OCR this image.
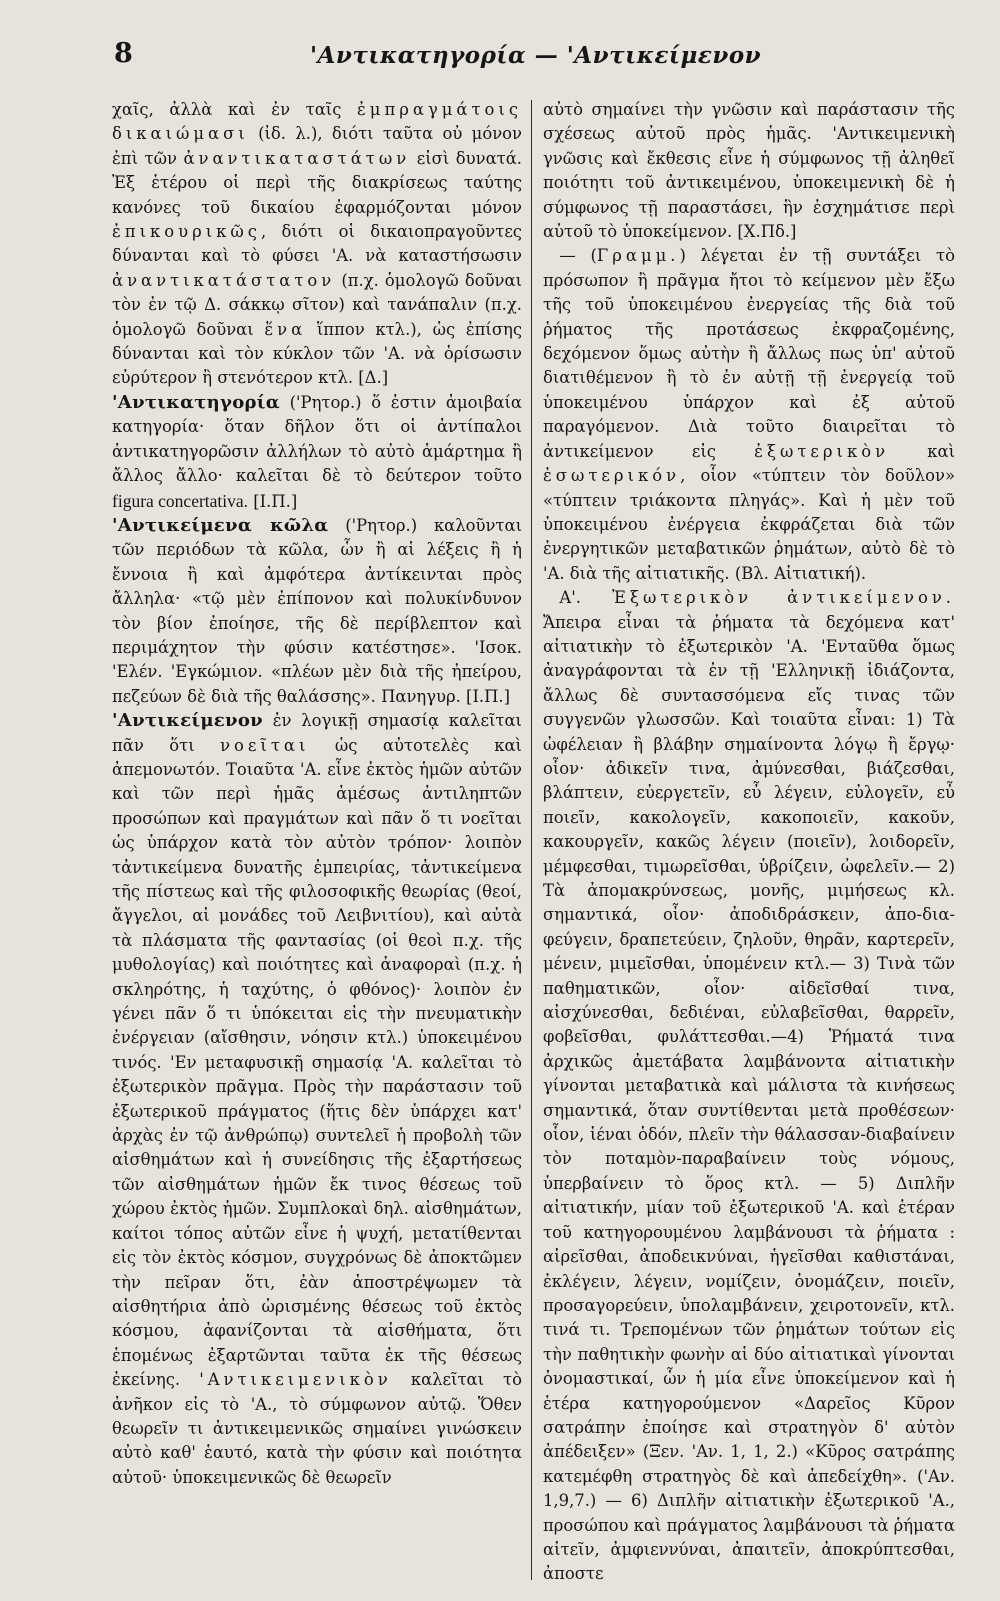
8	'Αντικατηγορία — 'Αντικείμενον

χαῖς, ἀλλὰ καὶ ἐν ταῖς ἐμπραγμάτοις δικαιώμασι (ἰδ. λ.), διότι ταῦτα οὐ μόνον ἐπὶ τῶν ἀναντικαταστάτων εἰσὶ δυνατά. Ἐξ ἑτέρου οἱ περὶ τῆς διακρίσεως ταύτης κανόνες τοῦ δικαίου ἐφαρμόζονται μόνον ἐπικουρικῶς, διότι οἱ δικαιοπραγοῦντες δύνανται καὶ τὸ φύσει 'Α. νὰ καταστήσωσιν ἀναντικατάστατον (π.χ. ὁμολογῶ δοῦναι τὸν ἐν τῷ Δ. σάκκῳ σῖτον) καὶ τανάπαλιν (π.χ. ὁμολογῶ δοῦναι ἕνα ἵππον κτλ.), ὡς ἐπίσης δύνανται καὶ τὸν κύκλον τῶν 'Α. νὰ ὁρίσωσιν εὐρύτερον ἢ στενότερον κτλ. [Δ.]

'Αντικατηγορία ('Ρητορ.) ὅ ἐστιν ἀμοιβαία κατηγορία· ὅταν δῆλον ὅτι οἱ ἀντίπαλοι ἀντικατηγορῶσιν ἀλλήλων τὸ αὐτὸ ἁμάρτημα ἢ ἄλλος ἄλλο· καλεῖται δὲ τὸ δεύτερον τοῦτο figura concertativa. [Ι.Π.]

'Αντικείμενα κῶλα ('Ρητορ.) καλοῦνται τῶν περιόδων τὰ κῶλα, ὧν ἢ αἱ λέξεις ἢ ἡ ἔννοια ἢ καὶ ἀμφότερα ἀντίκεινται πρὸς ἄλληλα· «τῷ μὲν ἐπίπονον καὶ πολυκίνδυνον τὸν βίον ἐποίησε, τῆς δὲ περίβλεπτον καὶ περιμάχητον τὴν φύσιν κατέστησε». 'Ισοκ. 'Ελέν. 'Εγκώμιον. «πλέων μὲν διὰ τῆς ἠπείρου, πεζεύων δὲ διὰ τῆς θαλάσσης». Πανηγυρ. [Ι.Π.]

'Αντικείμενον ἐν λογικῇ σημασίᾳ καλεῖται πᾶν ὅτι νοεῖται ὡς αὐτοτελὲς καὶ ἀπεμονωτόν. Τοιαῦτα 'Α. εἶνε ἐκτὸς ἡμῶν αὐτῶν καὶ τῶν περὶ ἡμᾶς ἀμέσως ἀντιληπτῶν προσώπων καὶ πραγμάτων καὶ πᾶν ὅ τι νοεῖται ὡς ὑπάρχον κατὰ τὸν αὐτὸν τρόπον· λοιπὸν τἀντικείμενα δυνατῆς ἐμπειρίας, τἀντικείμενα τῆς πίστεως καὶ τῆς φιλοσοφικῆς θεωρίας (θεοί, ἄγγελοι, αἱ μονάδες τοῦ Λειβνιτίου), καὶ αὐτὰ τὰ πλάσματα τῆς φαντασίας (οἱ θεοὶ π.χ. τῆς μυθολογίας) καὶ ποιότητες καὶ ἀναφοραὶ (π.χ. ἡ σκληρότης, ἡ ταχύτης, ὁ φθόνος)· λοιπὸν ἐν γένει πᾶν ὅ τι ὑπόκειται εἰς τὴν πνευματικὴν ἐνέργειαν (αἴσθησιν, νόησιν κτλ.) ὑποκειμένου τινός. 'Εν μεταφυσικῇ σημασίᾳ 'Α. καλεῖται τὸ ἐξωτερικὸν πρᾶγμα. Πρὸς τὴν παράστασιν τοῦ ἐξωτερικοῦ πράγματος (ἥτις δὲν ὑπάρχει κατ' ἀρχὰς ἐν τῷ ἀνθρώπῳ) συντελεῖ ἡ προβολὴ τῶν αἰσθημάτων καὶ ἡ συνείδησις τῆς ἐξαρτήσεως τῶν αἰσθημάτων ἡμῶν ἔκ τινος θέσεως τοῦ χώρου ἐκτὸς ἡμῶν. Συμπλοκαὶ δηλ. αἰσθημάτων, καίτοι τόπος αὐτῶν εἶνε ἡ ψυχή, μετατίθενται εἰς τὸν ἐκτὸς κόσμον, συγχρόνως δὲ ἀποκτῶμεν τὴν πεῖραν ὅτι, ἐὰν ἀποστρέψωμεν τὰ αἰσθητήρια ἀπὸ ὡρισμένης θέσεως τοῦ ἐκτὸς κόσμου, ἀφανίζονται τὰ αἰσθήματα, ὅτι ἑπομένως ἐξαρτῶνται ταῦτα ἐκ τῆς θέσεως ἐκείνης. 'Αντικειμενικὸν καλεῖται τὸ ἀνῆκον εἰς τὸ 'Α., τὸ σύμφωνον αὐτῷ. Ὅθεν θεωρεῖν τι ἀντικειμενικῶς σημαίνει γινώσκειν αὐτὸ καθ' ἑαυτό, κατὰ τὴν φύσιν καὶ ποιότητα αὐτοῦ· ὑποκειμενικῶς δὲ θεωρεῖν

αὐτὸ σημαίνει τὴν γνῶσιν καὶ παράστασιν τῆς σχέσεως αὐτοῦ πρὸς ἡμᾶς. 'Αντικειμενικὴ γνῶσις καὶ ἔκθεσις εἶνε ἡ σύμφωνος τῇ ἀληθεῖ ποιότητι τοῦ ἀντικειμένου, ὑποκειμενικὴ δὲ ἡ σύμφωνος τῇ παραστάσει, ἣν ἐσχημάτισε περὶ αὐτοῦ τὸ ὑποκείμενον. [Χ.Πδ.]

 — (Γραμμ.) λέγεται ἐν τῇ συντάξει τὸ πρόσωπον ἢ πρᾶγμα ἤτοι τὸ κείμενον μὲν ἔξω τῆς τοῦ ὑποκειμένου ἐνεργείας τῆς διὰ τοῦ ῥήματος τῆς προτάσεως ἐκφραζομένης, δεχόμενον ὅμως αὐτὴν ἢ ἄλλως πως ὑπ' αὐτοῦ διατιθέμενον ἢ τὸ ἐν αὐτῇ τῇ ἐνεργείᾳ τοῦ ὑποκειμένου ὑπάρχον καὶ ἐξ αὐτοῦ παραγόμενον. Διὰ τοῦτο διαιρεῖται τὸ ἀντικείμενον εἰς ἐξωτερικὸν καὶ ἐσωτερικόν, οἷον «τύπτειν τὸν δοῦλον» «τύπτειν τριάκοντα πληγάς». Καὶ ἡ μὲν τοῦ ὑποκειμένου ἐνέργεια ἐκφράζεται διὰ τῶν ἐνεργητικῶν μεταβατικῶν ῥημάτων, αὐτὸ δὲ τὸ 'Α. διὰ τῆς αἰτιατικῆς. (Βλ. Αἰτιατική).

 Α'. Ἐξωτερικὸν ἀντικείμενον. Ἄπειρα εἶναι τὰ ῥήματα τὰ δεχόμενα κατ' αἰτιατικὴν τὸ ἐξωτερικὸν 'Α. 'Ενταῦθα ὅμως ἀναγράφονται τὰ ἐν τῇ 'Ελληνικῇ ἰδιάζοντα, ἄλλως δὲ συντασσόμενα εἴς τινας τῶν συγγενῶν γλωσσῶν. Καὶ τοιαῦτα εἶναι: 1) Τὰ ὠφέλειαν ἢ βλάβην σημαίνοντα λόγῳ ἢ ἔργῳ· οἷον· ἀδικεῖν τινα, ἀμύνεσθαι, βιάζεσθαι, βλάπτειν, εὐεργετεῖν, εὖ λέγειν, εὐλογεῖν, εὖ ποιεῖν, κακολογεῖν, κακοποιεῖν, κακοῦν, κακουργεῖν, κακῶς λέγειν (ποιεῖν), λοιδορεῖν, μέμφεσθαι, τιμωρεῖσθαι, ὑβρίζειν, ὠφελεῖν.— 2) Τὰ ἀπομακρύνσεως, μονῆς, μιμήσεως κλ. σημαντικά, οἷον· ἀποδιδράσκειν, ἀπο-δια-φεύγειν, δραπετεύειν, ζηλοῦν, θηρᾶν, καρτερεῖν, μένειν, μιμεῖσθαι, ὑπομένειν κτλ.— 3) Τινὰ τῶν παθηματικῶν, οἷον· αἰδεῖσθαί τινα, αἰσχύνεσθαι, δεδιέναι, εὐλαβεῖσθαι, θαρρεῖν, φοβεῖσθαι, φυλάττεσθαι.—4) Ῥήματά τινα ἀρχικῶς ἀμετάβατα λαμβάνοντα αἰτιατικὴν γίνονται μεταβατικὰ καὶ μάλιστα τὰ κινήσεως σημαντικά, ὅταν συντίθενται μετὰ προθέσεων· οἷον, ἰέναι ὁδόν, πλεῖν τὴν θάλασσαν-διαβαίνειν τὸν ποταμὸν-παραβαίνειν τοὺς νόμους, ὑπερβαίνειν τὸ ὅρος κτλ. — 5) Διπλῆν αἰτιατικήν, μίαν τοῦ ἐξωτερικοῦ 'Α. καὶ ἑτέραν τοῦ κατηγορουμένου λαμβάνουσι τὰ ῥήματα : αἱρεῖσθαι, ἀποδεικνύναι, ἡγεῖσθαι καθιστάναι, ἐκλέγειν, λέγειν, νομίζειν, ὀνομάζειν, ποιεῖν, προσαγορεύειν, ὑπολαμβάνειν, χειροτονεῖν, κτλ. τινά τι. Τρεπομένων τῶν ῥημάτων τούτων εἰς τὴν παθητικὴν φωνὴν αἱ δύο αἰτιατικαὶ γίνονται ὀνομαστικαί, ὧν ἡ μία εἶνε ὑποκείμενον καὶ ἡ ἑτέρα κατηγορούμενον «Δαρεῖος Κῦρον σατράπην ἐποίησε καὶ στρατηγὸν δ' αὐτὸν ἀπέδειξεν» (Ξεν. 'Αν. 1, 1, 2.) «Κῦρος σατράπης κατεμέφθη στρατηγὸς δὲ καὶ ἀπεδείχθη». ('Αν. 1,9,7.) — 6) Διπλῆν αἰτιατικὴν ἐξωτερικοῦ 'Α., προσώπου καὶ πράγματος λαμβάνουσι τὰ ῥήματα αἰτεῖν, ἀμφιεννύναι, ἀπαιτεῖν, ἀποκρύπτεσθαι, ἀποστε
